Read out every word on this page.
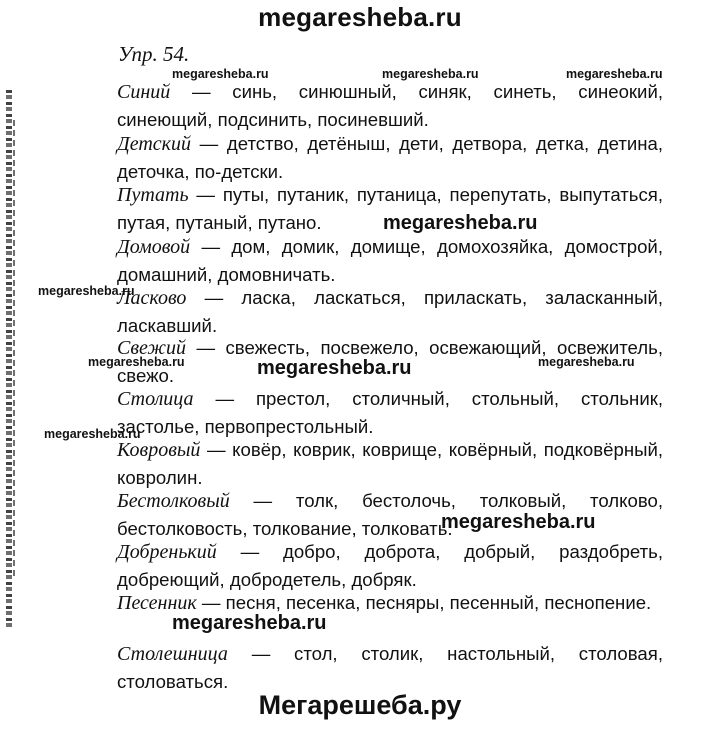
megaresheba.ru
Упр. 54.
Синий — синь, синюшный, синяк, синеть, синеокий, синеющий, подсинить, посиневший.
Детский — детство, детёныш, дети, детвора, детка, детина, деточка, по-детски.
Путать — путы, путаник, путаница, перепутать, выпутаться, путая, путаный, путано.
Домовой — дом, домик, домище, домохозяйка, домострой, домашний, домовничать.
Ласково — ласка, ласкаться, приласкать, заласканный, ласкавший.
Свежий — свежесть, посвежело, освежающий, освежитель, свежо.
Столица — престол, столичный, стольный, стольник, застолье, первопрестольный.
Ковровый — ковёр, коврик, коврище, ковёрный, подковёрный, ковролин.
Бестолковый — толк, бестолочь, толковый, толково, бестолковость, толкование, толковать.
Добренький — добро, доброта, добрый, раздобреть, добреющий, добродетель, добряк.
Песенник — песня, песенка, песняры, песенный, песнопение.
Столешница — стол, столик, настольный, столовая, столоваться.
megaresheba.ru	megaresheba.ru	megaresheba.ru
megaresheba.ru
megaresheba.ru	megaresheba.ru
megaresheba.ru
megaresheba.ru
megaresheba.ru
megaresheba.ru
megaresheba.ru
Мегарешеба.ру
